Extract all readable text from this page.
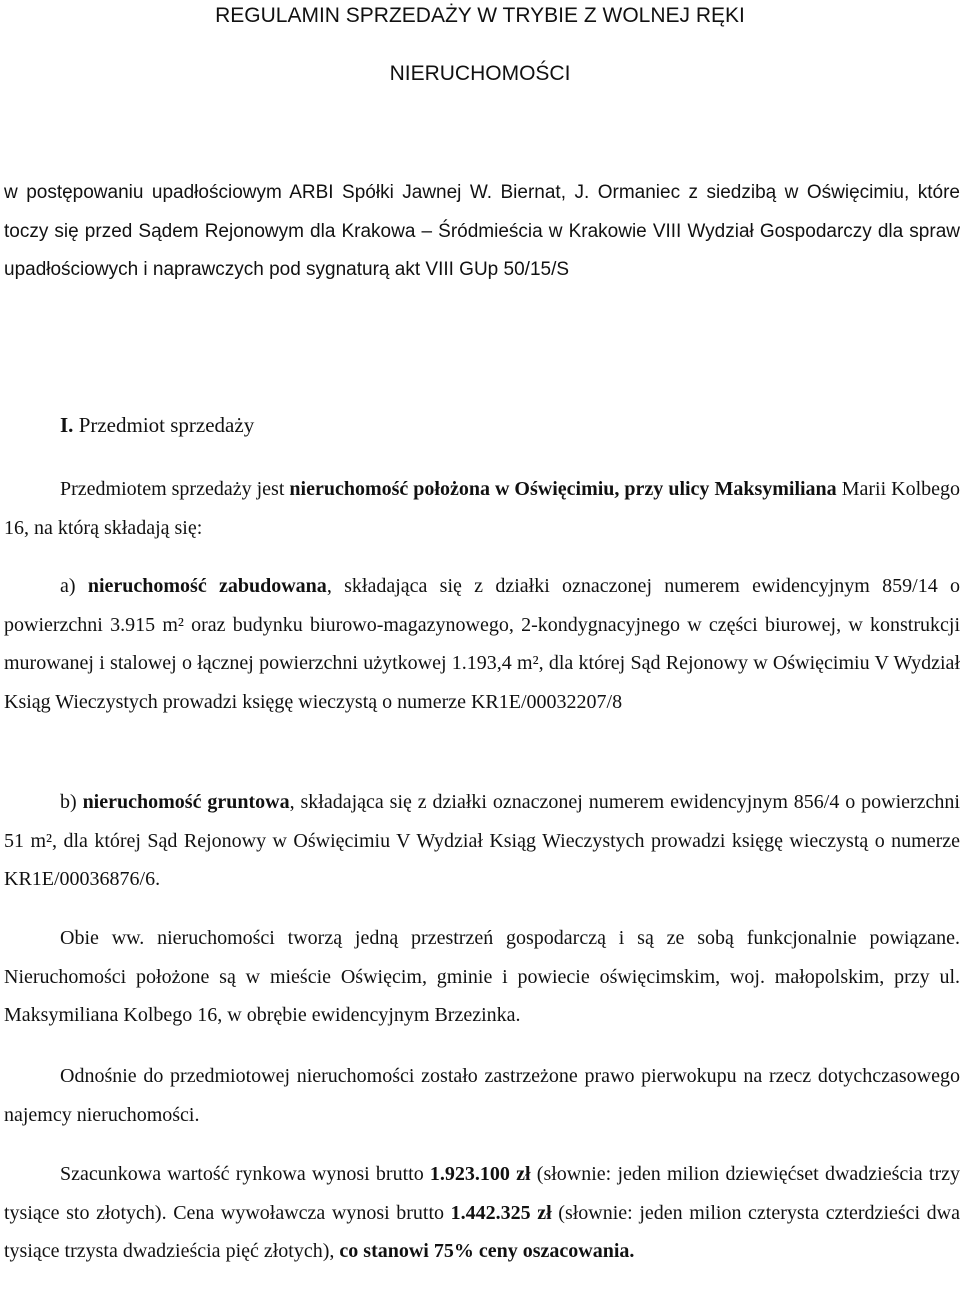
REGULAMIN SPRZEDAŻY W TRYBIE Z WOLNEJ RĘKI
NIERUCHOMOŚCI
w postępowaniu upadłościowym ARBI Spółki Jawnej W. Biernat, J. Ormaniec z siedzibą w Oświęcimiu, które toczy się przed Sądem Rejonowym dla Krakowa – Śródmieścia w Krakowie VIII Wydział Gospodarczy dla spraw upadłościowych i naprawczych pod sygnaturą akt VIII GUp 50/15/S
I. Przedmiot sprzedaży
Przedmiotem sprzedaży jest nieruchomość położona w Oświęcimiu, przy ulicy Maksymiliana Marii Kolbego 16, na którą składają się:
a) nieruchomość zabudowana, składająca się z działki oznaczonej numerem ewidencyjnym 859/14 o powierzchni 3.915 m² oraz budynku biurowo-magazynowego, 2-kondygnacyjnego w części biurowej, w konstrukcji murowanej i stalowej o łącznej powierzchni użytkowej 1.193,4 m², dla której Sąd Rejonowy w Oświęcimiu V Wydział Ksiąg Wieczystych prowadzi księgę wieczystą o numerze KR1E/00032207/8
b) nieruchomość gruntowa, składająca się z działki oznaczonej numerem ewidencyjnym 856/4 o powierzchni 51 m², dla której Sąd Rejonowy w Oświęcimiu V Wydział Ksiąg Wieczystych prowadzi księgę wieczystą o numerze KR1E/00036876/6.
Obie ww. nieruchomości tworzą jedną przestrzeń gospodarczą i są ze sobą funkcjonalnie powiązane. Nieruchomości położone są w mieście Oświęcim, gminie i powiecie oświęcimskim, woj. małopolskim, przy ul. Maksymiliana Kolbego 16, w obrębie ewidencyjnym Brzezinka.
Odnośnie do przedmiotowej nieruchomości zostało zastrzeżone prawo pierwokupu na rzecz dotychczasowego najemcy nieruchomości.
Szacunkowa wartość rynkowa wynosi brutto 1.923.100 zł (słownie: jeden milion dziewięćset dwadzieścia trzy tysiące sto złotych). Cena wywoławcza wynosi brutto 1.442.325 zł (słownie: jeden milion czterysta czterdzieści dwa tysiące trzysta dwadzieścia pięć złotych), co stanowi 75% ceny oszacowania.
